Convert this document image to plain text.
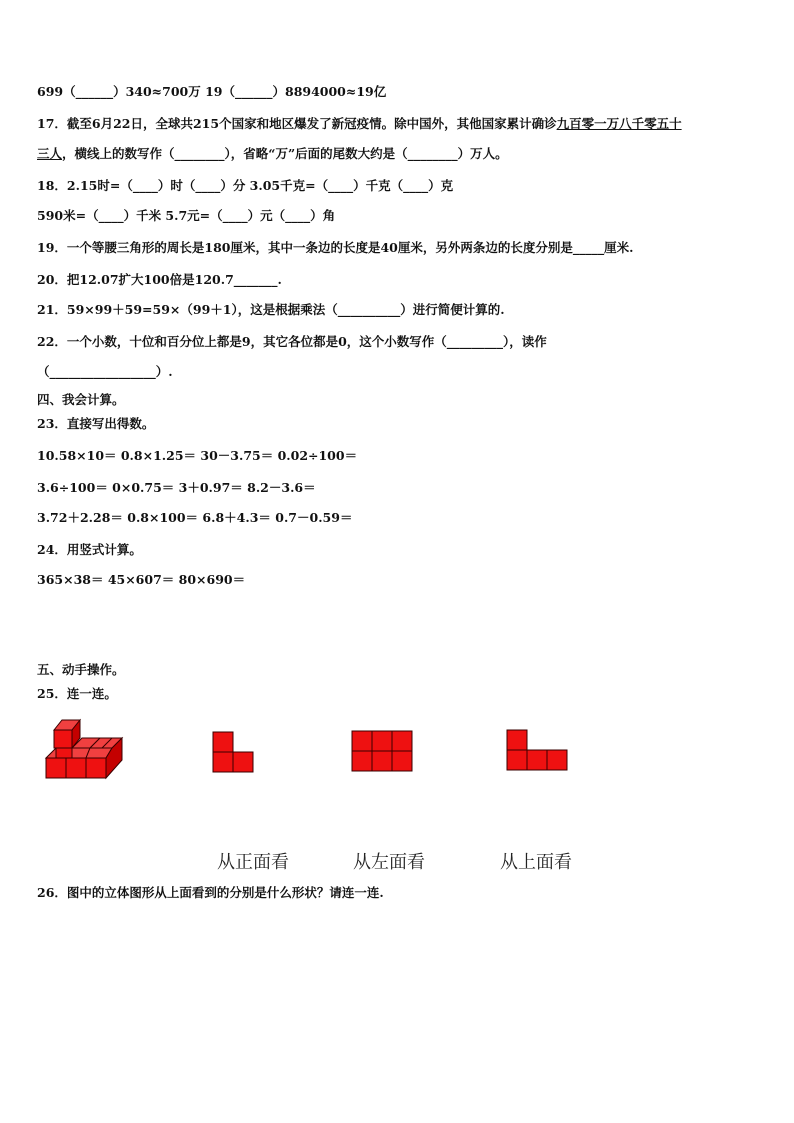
699（______）340≈700万 19（______）8894000≈19亿
17．截至6月22日，全球共215个国家和地区爆发了新冠疫情。除中国外，其他国家累计确诊九百零一万八千零五十
三人，横线上的数写作（________），省略“万”后面的尾数大约是（________）万人。
18．2.15时=（____）时（____）分 3.05千克=（____）千克（____）克
590米=（____）千米 5.7元=（____）元（____）角
19．一个等腰三角形的周长是180厘米，其中一条边的长度是40厘米，另外两条边的长度分别是_____厘米.
20．把12.07扩大100倍是120.7_______.
21．59×99＋59=59×（99＋1），这是根据乘法（__________）进行简便计算的.
22．一个小数，十位和百分位上都是9，其它各位都是0，这个小数写作（_________），读作
（_________________）.
四、我会计算。
23．直接写出得数。
10.58×10＝ 0.8×1.25＝ 30－3.75＝ 0.02÷100＝
3.6÷100＝ 0×0.75＝ 3＋0.97＝ 8.2－3.6＝
3.72＋2.28＝ 0.8×100＝ 6.8＋4.3＝ 0.7－0.59＝
24．用竖式计算。
365×38＝ 45×607＝ 80×690＝
五、动手操作。
25．连一连。
从正面看	从左面看	从上面看
26．图中的立体图形从上面看到的分别是什么形状？请连一连.
